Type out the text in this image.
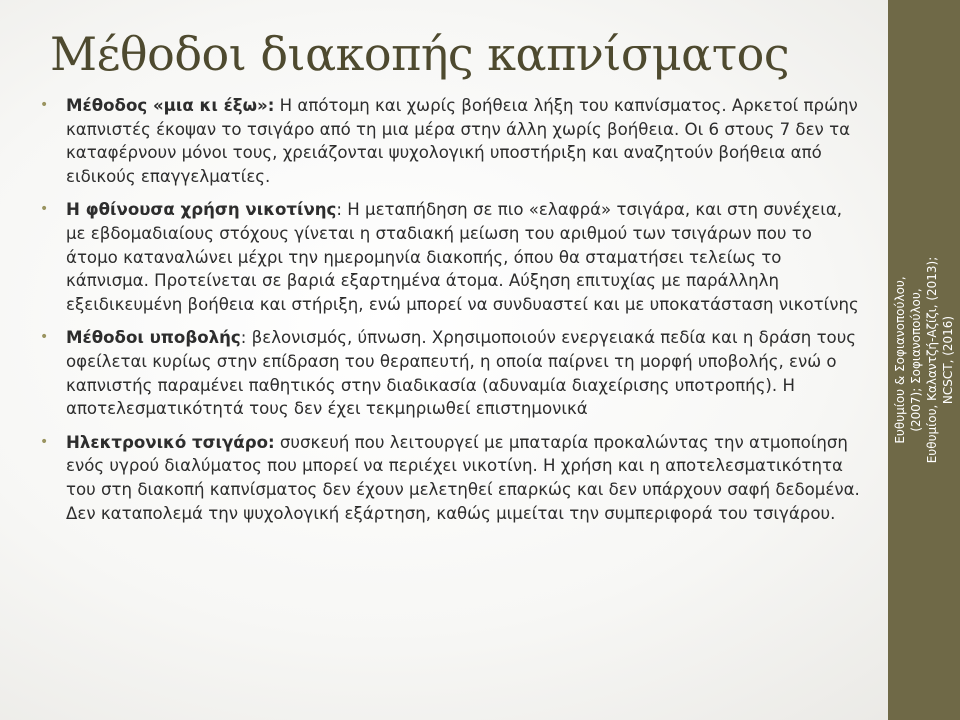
Μέθοδοι διακοπής καπνίσματος
• Μέθοδος «μια κι έξω»: Η απότομη και χωρίς βοήθεια λήξη του καπνίσματος. Αρκετοί πρώην καπνιστές έκοψαν το τσιγάρο από τη μια μέρα στην άλλη χωρίς βοήθεια. Οι 6 στους 7 δεν τα καταφέρνουν μόνοι τους, χρειάζονται ψυχολογική υποστήριξη και αναζητούν βοήθεια από ειδικούς επαγγελματίες.
• Η φθίνουσα χρήση νικοτίνης: Η μεταπήδηση σε πιο «ελαφρά» τσιγάρα, και στη συνέχεια, με εβδομαδιαίους στόχους γίνεται η σταδιακή μείωση του αριθμού των τσιγάρων που το άτομο καταναλώνει μέχρι την ημερομηνία διακοπής, όπου θα σταματήσει τελείως το κάπνισμα. Προτείνεται σε βαριά εξαρτημένα άτομα. Αύξηση επιτυχίας με παράλληλη εξειδικευμένη βοήθεια και στήριξη, ενώ μπορεί να συνδυαστεί και με υποκατάσταση νικοτίνης
• Μέθοδοι υποβολής: βελονισμός, ύπνωση. Χρησιμοποιούν ενεργειακά πεδία και η δράση τους οφείλεται κυρίως στην επίδραση του θεραπευτή, η οποία παίρνει τη μορφή υποβολής, ενώ ο καπνιστής παραμένει παθητικός στην διαδικασία (αδυναμία διαχείρισης υποτροπής). Η αποτελεσματικότητά τους δεν έχει τεκμηριωθεί επιστημονικά
• Ηλεκτρονικό τσιγάρο: συσκευή που λειτουργεί με μπαταρία προκαλώντας την ατμοποίηση ενός υγρού διαλύματος που μπορεί να περιέχει νικοτίνη. Η χρήση και η αποτελεσματικότητα του στη διακοπή καπνίσματος δεν έχουν μελετηθεί επαρκώς και δεν υπάρχουν σαφή δεδομένα. Δεν καταπολεμά την ψυχολογική εξάρτηση, καθώς μιμείται την συμπεριφορά του τσιγάρου.
Ευθυμίου & Σοφιανοπούλου, (2007); Σοφιανοπούλου, Ευθυμίου, Καλαντζή-Αζίζι, (2013); NCSCT, (2016)
